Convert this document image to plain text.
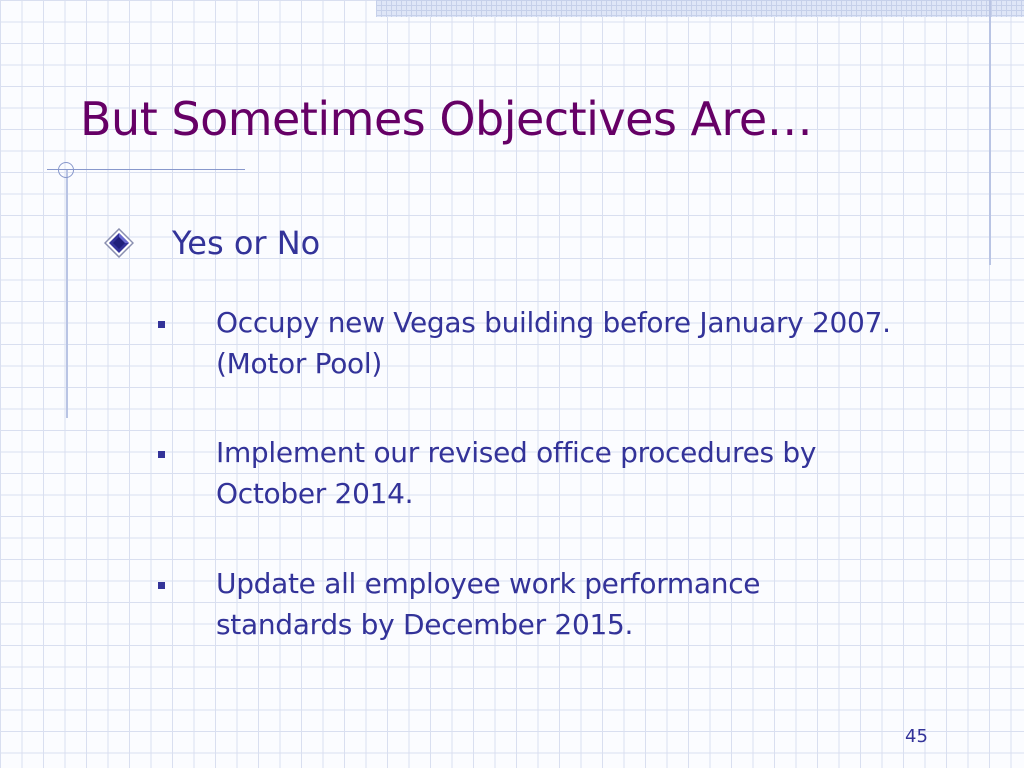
But Sometimes Objectives Are…
Yes or No
Occupy new Vegas building before January 2007. (Motor Pool)
Implement our revised office procedures by October 2014.
Update all employee work performance standards by December 2015.
45
